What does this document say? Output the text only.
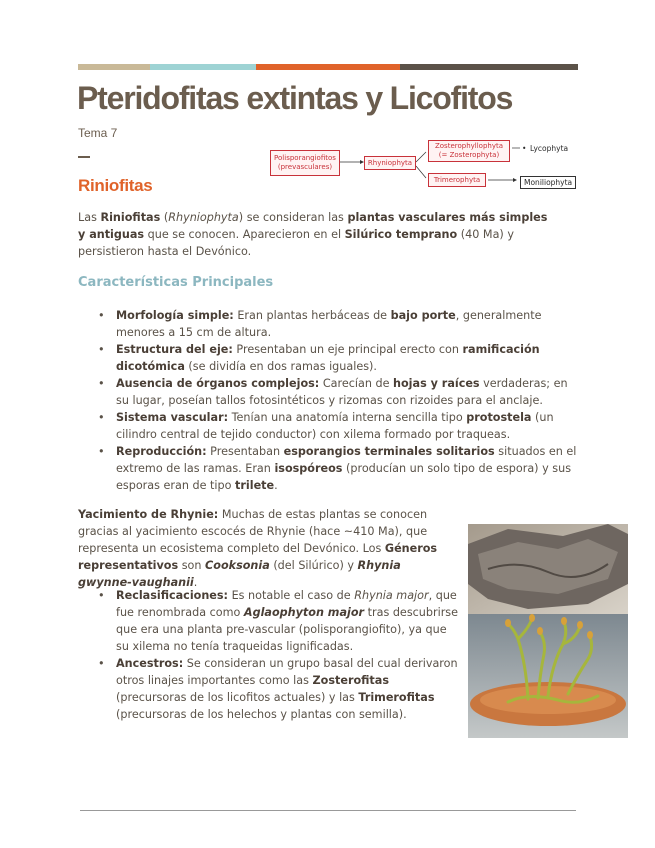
Pteridofitas extintas y Licofitos
Tema 7
Polisporangiofitos
(prevasculares)
Rhyniophyta
Zosterophyllophyta
(= Zosterophyta)
Trimerophyta
• Lycophyta
Moniliophyta
Riniofitas

Las Riniofitas (Rhyniophyta) se consideran las plantas vasculares más simples y antiguas que se conocen. Aparecieron en el Silúrico temprano (40 Ma) y persistieron hasta el Devónico.

Características Principales
• Morfología simple: Eran plantas herbáceas de bajo porte, generalmente menores a 15 cm de altura.
• Estructura del eje: Presentaban un eje principal erecto con ramificación dicotómica (se dividía en dos ramas iguales).
• Ausencia de órganos complejos: Carecían de hojas y raíces verdaderas; en su lugar, poseían tallos fotosintéticos y rizomas con rizoides para el anclaje.
• Sistema vascular: Tenían una anatomía interna sencilla tipo protostela (un cilindro central de tejido conductor) con xilema formado por traqueas.
• Reproducción: Presentaban esporangios terminales solitarios situados en el extremo de las ramas. Eran isospóreos (producían un solo tipo de espora) y sus esporas eran de tipo trilete.

Yacimiento de Rhynie: Muchas de estas plantas se conocen gracias al yacimiento escocés de Rhynie (hace ~410 Ma), que representa un ecosistema completo del Devónico. Los Géneros representativos son Cooksonia (del Silúrico) y Rhynia gwynne-vaughanii.

• Reclasificaciones: Es notable el caso de Rhynia major, que fue renombrada como Aglaophyton major tras descubrirse que era una planta pre-vascular (polisporangiofito), ya que su xilema no tenía traqueidas lignificadas.
• Ancestros: Se consideran un grupo basal del cual derivaron otros linajes importantes como las Zosterofitas (precursoras de los licofitos actuales) y las Trimerofitas (precursoras de los helechos y plantas con semilla).
